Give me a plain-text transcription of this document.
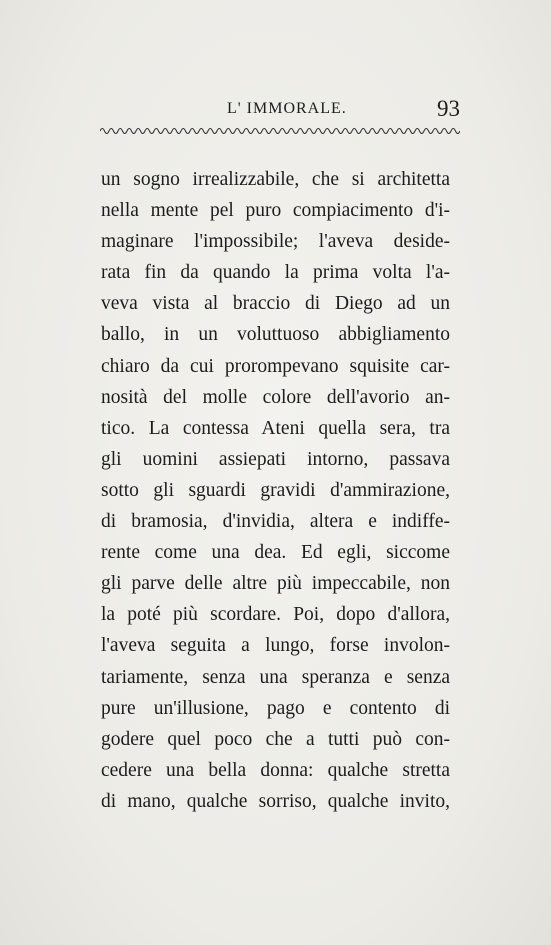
L' IMMORALE.	93
un sogno irrealizzabile, che si architetta
nella mente pel puro compiacimento d'i-
maginare l'impossibile; l'aveva deside-
rata fin da quando la prima volta l'a-
veva vista al braccio di Diego ad un
ballo, in un voluttuoso abbigliamento
chiaro da cui prorompevano squisite car-
nosità del molle colore dell'avorio an-
tico. La contessa Ateni quella sera, tra
gli uomini assiepati intorno, passava
sotto gli sguardi gravidi d'ammirazione,
di bramosia, d'invidia, altera e indiffe-
rente come una dea. Ed egli, siccome
gli parve delle altre più impeccabile, non
la poté più scordare. Poi, dopo d'allora,
l'aveva seguita a lungo, forse involon-
tariamente, senza una speranza e senza
pure un'illusione, pago e contento di
godere quel poco che a tutti può con-
cedere una bella donna: qualche stretta
di mano, qualche sorriso, qualche invito,
